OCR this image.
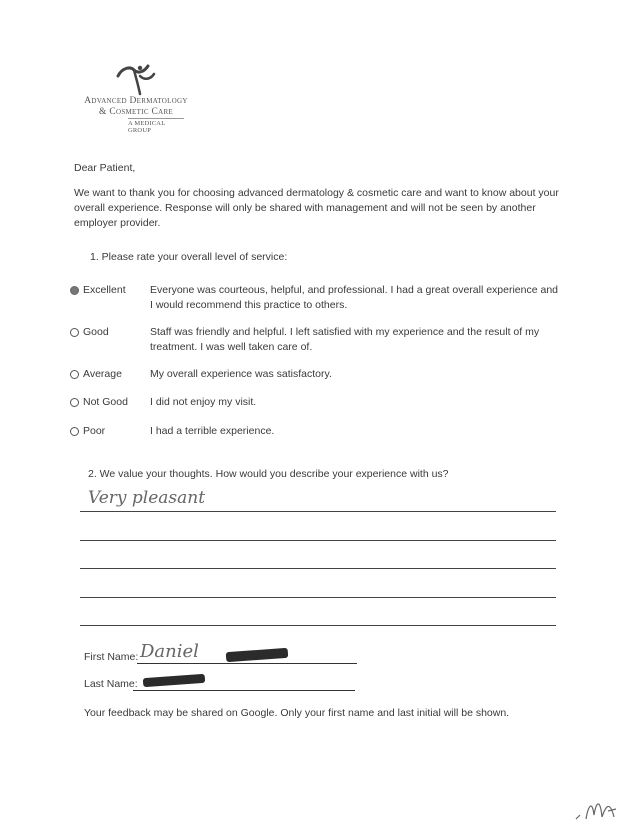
Advanced Dermatology
& Cosmetic Care
A MEDICAL GROUP
Dear Patient,
We want to thank you for choosing advanced dermatology & cosmetic care and want to know about your overall experience. Response will only be shared with management and will not be seen by another employer provider.
1. Please rate your overall level of service:
Excellent Everyone was courteous, helpful, and professional. I had a great overall experience and I would recommend this practice to others.
Good	Staff was friendly and helpful. I left satisfied with my experience and the result of my treatment. I was well taken care of.
Average	My overall experience was satisfactory.
Not Good I did not enjoy my visit.
Poor	I had a terrible experience.
2. We value your thoughts. How would you describe your experience with us?
Very pleasant
First Name: Daniel
Last Name:
Your feedback may be shared on Google. Only your first name and last initial will be shown.
